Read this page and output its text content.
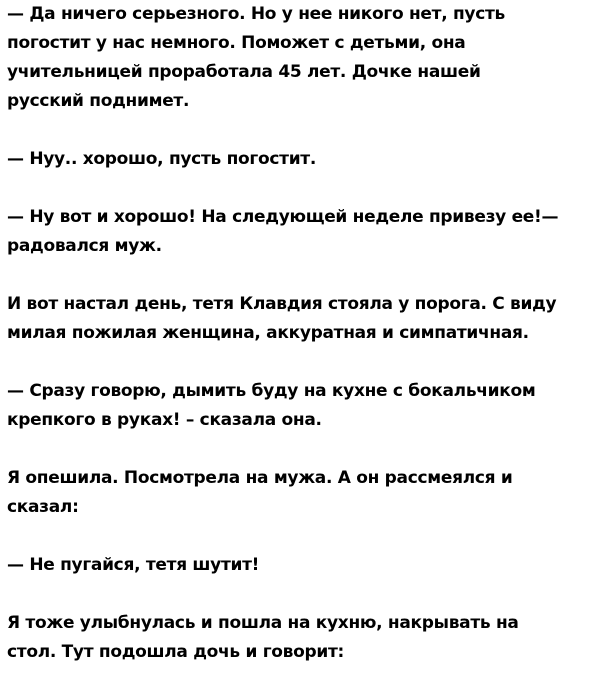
— Да ничего серьезного. Но у нее никого нет, пусть
погостит у нас немного. Поможет с детьми, она
учительницей проработала 45 лет. Дочке нашей
русский поднимет.

— Нуу.. хорошо, пусть погостит.

— Ну вот и хорошо! На следующей неделе привезу ее!—
радовался муж.

И вот настал день, тетя Клавдия стояла у порога. С виду
милая пожилая женщина, аккуратная и симпатичная.

— Сразу говорю, дымить буду на кухне с бокальчиком
крепкого в руках! – сказала она.

Я опешила. Посмотрела на мужа. А он рассмеялся и
сказал:

— Не пугайся, тетя шутит!

Я тоже улыбнулась и пошла на кухню, накрывать на
стол. Тут подошла дочь и говорит:
